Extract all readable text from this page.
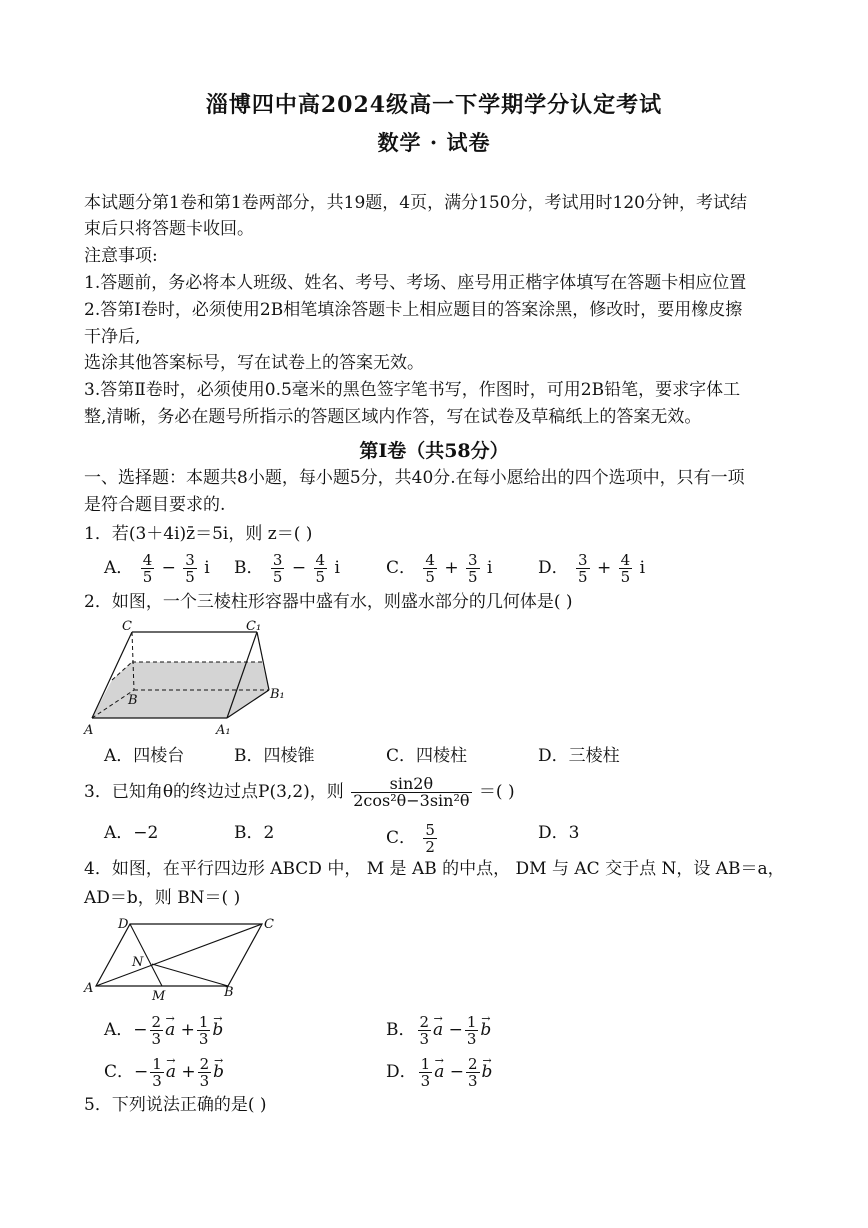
淄博四中高2024级高一下学期学分认定考试
数学 · 试卷
本试题分第1卷和第1卷两部分，共19题，4页，满分150分，考试用时120分钟，考试结
束后只将答题卡收回。
注意事项:
1.答题前，务必将本人班级、姓名、考号、考场、座号用正楷字体填写在答题卡相应位置
2.答第Ⅰ卷时，必须使用2B相笔填涂答题卡上相应题目的答案涂黑，修改时，要用橡皮擦
干净后,
选涂其他答案标号，写在试卷上的答案无效。
3.答第Ⅱ卷时，必须使用0.5毫米的黑色签字笔书写，作图时，可用2B铅笔，要求字体工
整,清晰，务必在题号所指示的答题区域内作答，写在试卷及草稿纸上的答案无效。
第Ⅰ卷（共58分）
一、选择题：本题共8小题，每小题5分，共40分.在每小愿给出的四个选项中，只有一项
是符合题目要求的.
1．若(3＋4i)z̄＝5i，则 z＝( )
A． $\frac{4}{5} - \frac{3}{5}$ i B． $\frac{3}{5} - \frac{4}{5}$ i	C． $\frac{4}{5} + \frac{3}{5}$ i	D． $\frac{3}{5} + \frac{4}{5}$ i
2．如图，一个三棱柱形容器中盛有水，则盛水部分的几何体是( )
C	C₁
B	B₁
A	A₁
A．四棱台	B．四棱锥	C．四棱柱	D．三棱柱
3．已知角θ的终边过点P(3,2)，则 $\frac{\sin 2\theta}{\text{2cos²θ−3sin²θ}}$ ＝( )
A．−2	B．2	C． $\frac{5}{2}$	D．3
4．如图，在平行四边形 ABCD 中， M 是 AB 的中点， DM 与 AC 交于点 N，设 AB＝a，
AD＝b，则 BN＝( )
D	C
N
A
M	B
A．− $\frac{2}{3}$
→ $a + \frac{1}{3}$
→ b	B． $\frac{2}{3}$
→ $a - \frac{1}{3}$
→ b
C．− $\frac{1}{3}$
→ $a + \frac{2}{3}$
→ b	D． $\frac{1}{3}$
→ $a - \frac{2}{3}$
→ b
5．下列说法正确的是( )
